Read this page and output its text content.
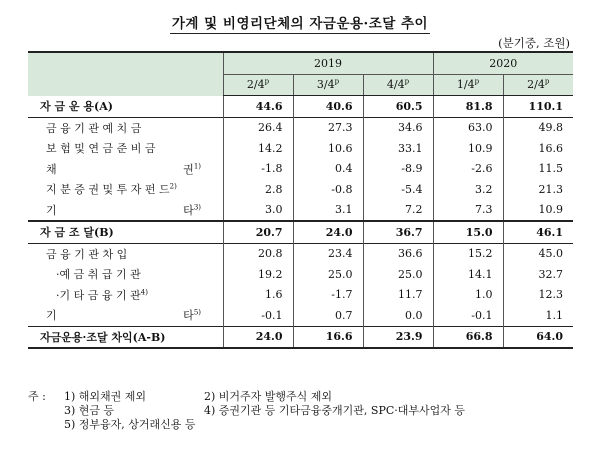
가계 및 비영리단체의 자금운용·조달 추이
(분기중, 조원)
	2019			2020	
	2/4$^p$	3/4$^p$	4/4$^p$	1/4$^p$	2/4$^p$
자 금 운 용(A)	44.6	40.6	60.5	81.8	110.1
금 융 기 관 예 치 금	26.4	27.3	34.6	63.0	49.8
보 험 및 연 금 준 비 금	14.2	10.6	33.1	10.9	16.6

채 권$^{1)}$	-1.8	0.4	-8.9	-2.6	11.5
지 분 증 권 및 투 자 펀 드$^{2)}$	2.8	-0.8	-5.4	3.2	21.3

기 타$^{3)}$	3.0	3.1	7.2	7.3	10.9
자 금 조 달(B)	20.7	24.0	36.7	15.0	46.1
금 융 기 관 차 입	20.8	23.4	36.6	15.2	45.0
·예 금 취 급 기 관	19.2	25.0	25.0	14.1	32.7
·기 타 금 융 기 관$^{4)}$	1.6	-1.7	11.7	1.0	12.3

기 타$^{5)}$	-0.1	0.7	0.0	-0.1	1.1
자금운용·조달 차익(A-B)	24.0	16.6	23.9	66.8	64.0
주 :	1) 해외채권 제외	2) 비거주자 발행주식 제외
3) 현금 등	4) 증권기관 등 기타금융중개기관, SPC·대부사업자 등
5) 정부융자, 상거래신용 등
